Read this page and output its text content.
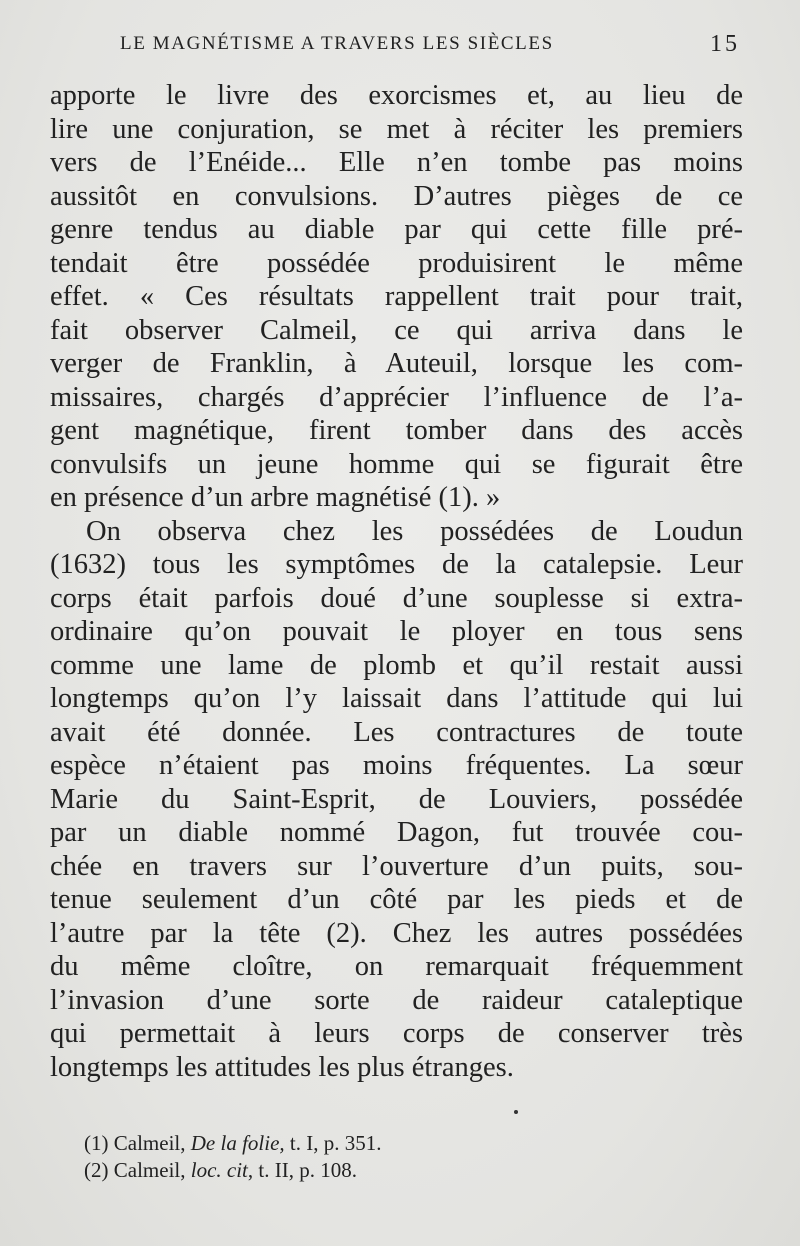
LE MAGNÉTISME A TRAVERS LES SIÈCLES	15
apporte le livre des exorcismes et, au lieu de
lire une conjuration, se met à réciter les premiers
vers de l’Enéide... Elle n’en tombe pas moins
aussitôt en convulsions. D’autres pièges de ce
genre tendus au diable par qui cette fille pré-
tendait être possédée produisirent le même
effet. « Ces résultats rappellent trait pour trait,
fait observer Calmeil, ce qui arriva dans le
verger de Franklin, à Auteuil, lorsque les com-
missaires, chargés d’apprécier l’influence de l’a-
gent magnétique, firent tomber dans des accès
convulsifs un jeune homme qui se figurait être
en présence d’un arbre magnétisé (1). »
On observa chez les possédées de Loudun
(1632) tous les symptômes de la catalepsie. Leur
corps était parfois doué d’une souplesse si extra-
ordinaire qu’on pouvait le ployer en tous sens
comme une lame de plomb et qu’il restait aussi
longtemps qu’on l’y laissait dans l’attitude qui lui
avait été donnée. Les contractures de toute
espèce n’étaient pas moins fréquentes. La sœur
Marie du Saint-Esprit, de Louviers, possédée
par un diable nommé Dagon, fut trouvée cou-
chée en travers sur l’ouverture d’un puits, sou-
tenue seulement d’un côté par les pieds et de
l’autre par la tête (2). Chez les autres possédées
du même cloître, on remarquait fréquemment
l’invasion d’une sorte de raideur cataleptique
qui permettait à leurs corps de conserver très
longtemps les attitudes les plus étranges.
(1) Calmeil, De la folie, t. I, p. 351.
(2) Calmeil, loc. cit, t. II, p. 108.
